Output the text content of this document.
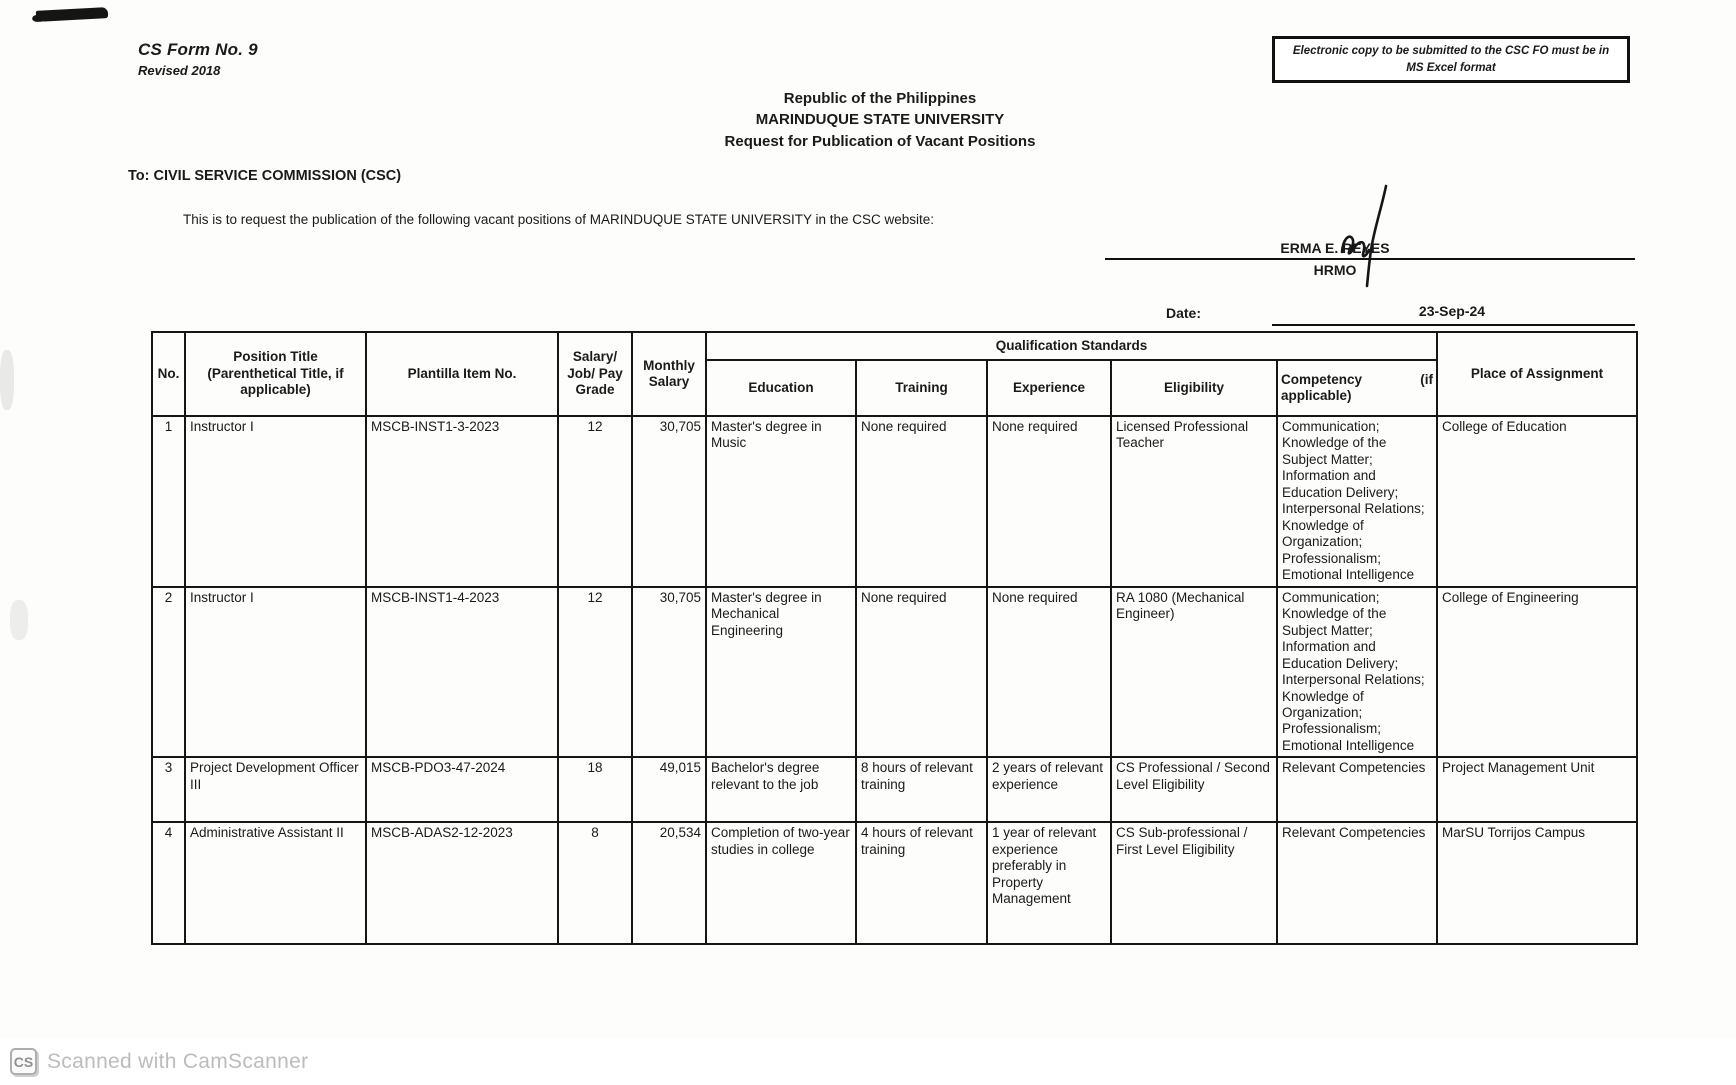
CS Form No. 9
Revised 2018
Electronic copy to be submitted to the CSC FO must be in MS Excel format
Republic of the Philippines
MARINDUQUE STATE UNIVERSITY
Request for Publication of Vacant Positions
To: CIVIL SERVICE COMMISSION (CSC)
This is to request the publication of the following vacant positions of MARINDUQUE STATE UNIVERSITY in the CSC website:
ERMA E. REYES
HRMO
Date:	23-Sep-24
No.	Position Title (Parenthetical Title, if applicable)	Plantilla Item No.	Salary/ Job/ Pay Grade	Monthly Salary	Qualification Standards					Place of Assignment
					Education	Training	Experience	Eligibility	Competency (if applicable)	
1	Instructor I	MSCB-INST1-3-2023	12	30,705	Master's degree in Music	None required	None required	Licensed Professional Teacher	Communication; Knowledge of the Subject Matter; Information and Education Delivery; Interpersonal Relations; Knowledge of Organization; Professionalism; Emotional Intelligence	College of Education
2	Instructor I	MSCB-INST1-4-2023	12	30,705	Master's degree in Mechanical Engineering	None required	None required	RA 1080 (Mechanical Engineer)	Communication; Knowledge of the Subject Matter; Information and Education Delivery; Interpersonal Relations; Knowledge of Organization; Professionalism; Emotional Intelligence	College of Engineering
3	Project Development Officer III	MSCB-PDO3-47-2024	18	49,015	Bachelor's degree relevant to the job	8 hours of relevant training	2 years of relevant experience	CS Professional / Second Level Eligibility	Relevant Competencies	Project Management Unit
4	Administrative Assistant II	MSCB-ADAS2-12-2023	8	20,534	Completion of two-year studies in college	4 hours of relevant training	1 year of relevant experience preferably in Property Management	CS Sub-professional / First Level Eligibility	Relevant Competencies	MarSU Torrijos Campus
CS Scanned with CamScanner
